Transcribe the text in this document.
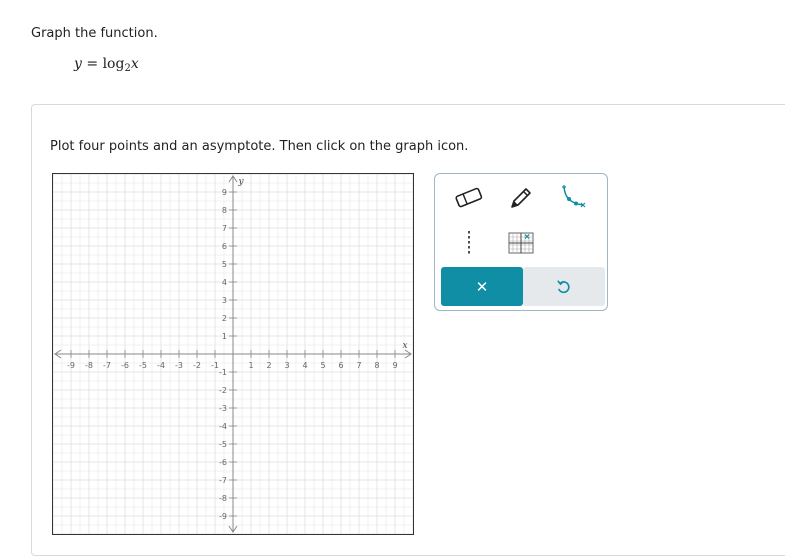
Graph the function.
$y = \log_2x$
Plot four points and an asymptote. Then click on the graph icon.
-9 -8 -7 -6 -5 -4 -3 -2 -1	1 2 3 4 5 6 7 8 9
9
8
7
6
5
4
3
2
1
-1
-2
-3
-4
-5
-6
-7
-8
-9
x
y
✕
